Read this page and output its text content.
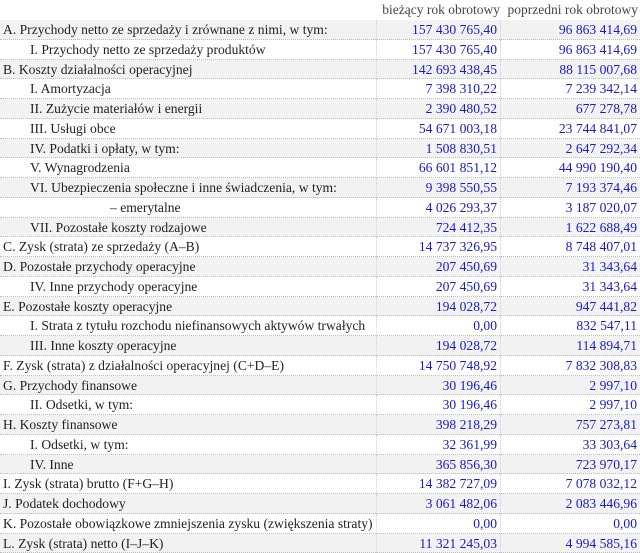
bieżący rok obrotowy poprzedni rok obrotowy
A. Przychody netto ze sprzedaży i zrównane z nimi, w tym:	157 430 765,40	96 863 414,69
I. Przychody netto ze sprzedaży produktów	157 430 765,40	96 863 414,69
B. Koszty działalności operacyjnej	142 693 438,45	88 115 007,68
I. Amortyzacja	7 398 310,22	7 239 342,14
II. Zużycie materiałów i energii	2 390 480,52	677 278,78
III. Usługi obce	54 671 003,18	23 744 841,07
IV. Podatki i opłaty, w tym:	1 508 830,51	2 647 292,34
V. Wynagrodzenia	66 601 851,12	44 990 190,40
VI. Ubezpieczenia społeczne i inne świadczenia, w tym:	9 398 550,55	7 193 374,46
– emerytalne	4 026 293,37	3 187 020,07
VII. Pozostałe koszty rodzajowe	724 412,35	1 622 688,49
C. Zysk (strata) ze sprzedaży (A–B)	14 737 326,95	8 748 407,01
D. Pozostałe przychody operacyjne	207 450,69	31 343,64
IV. Inne przychody operacyjne	207 450,69	31 343,64
E. Pozostałe koszty operacyjne	194 028,72	947 441,82
I. Strata z tytułu rozchodu niefinansowych aktywów trwałych	0,00	832 547,11
III. Inne koszty operacyjne	194 028,72	114 894,71
F. Zysk (strata) z działalności operacyjnej (C+D–E)	14 750 748,92	7 832 308,83
G. Przychody finansowe	30 196,46	2 997,10
II. Odsetki, w tym:	30 196,46	2 997,10
H. Koszty finansowe	398 218,29	757 273,81
I. Odsetki, w tym:	32 361,99	33 303,64
IV. Inne	365 856,30	723 970,17
I. Zysk (strata) brutto (F+G–H)	14 382 727,09	7 078 032,12
J. Podatek dochodowy	3 061 482,06	2 083 446,96
K. Pozostałe obowiązkowe zmniejszenia zysku (zwiększenia straty)	0,00	0,00
L. Zysk (strata) netto (I–J–K)	11 321 245,03	4 994 585,16
